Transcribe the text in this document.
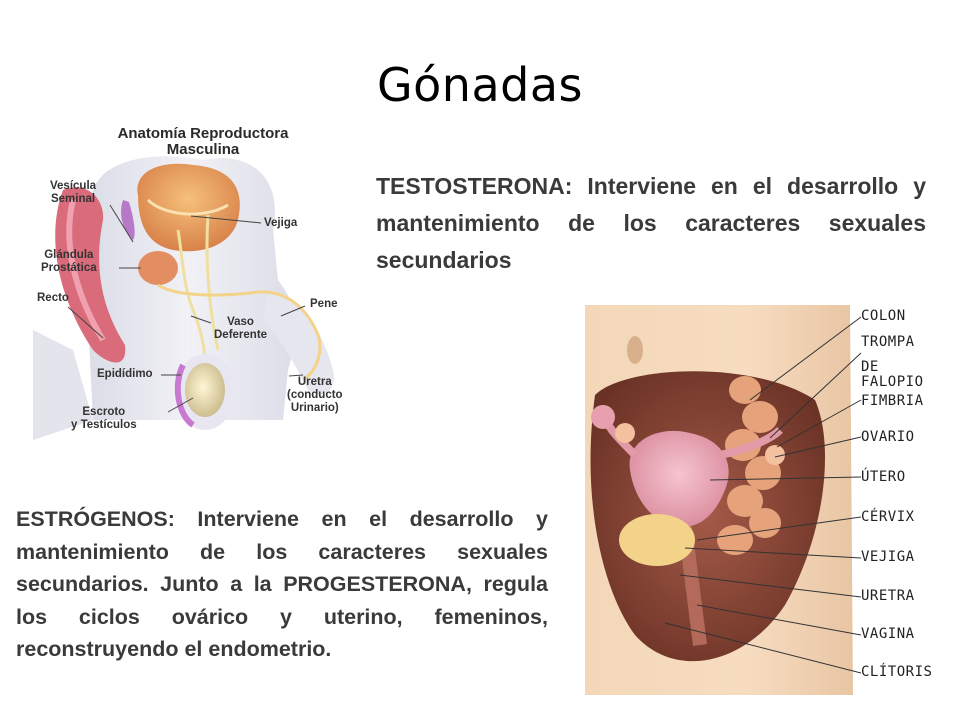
Gónadas
Anatomía Reproductora
Masculina
Vesícula
Seminal
Vejiga
Glándula
Prostática
Recto	Pene
Vaso
Deferente
Epidídimo
Uretra
(conducto
Urinario)
Escroto
y Testículos
TESTOSTERONA: Interviene en el desarrollo y mantenimiento de los caracteres sexuales secundarios
ESTRÓGENOS: Interviene en el desarrollo y mantenimiento de los caracteres sexuales secundarios. Junto a la PROGESTERONA, regula los ciclos ovárico y uterino, femeninos, reconstruyendo el endometrio.
COLON
TROMPA
DE FALOPIO
FIMBRIA
OVARIO
ÚTERO
CÉRVIX
VEJIGA
URETRA
VAGINA
CLÍTORIS
